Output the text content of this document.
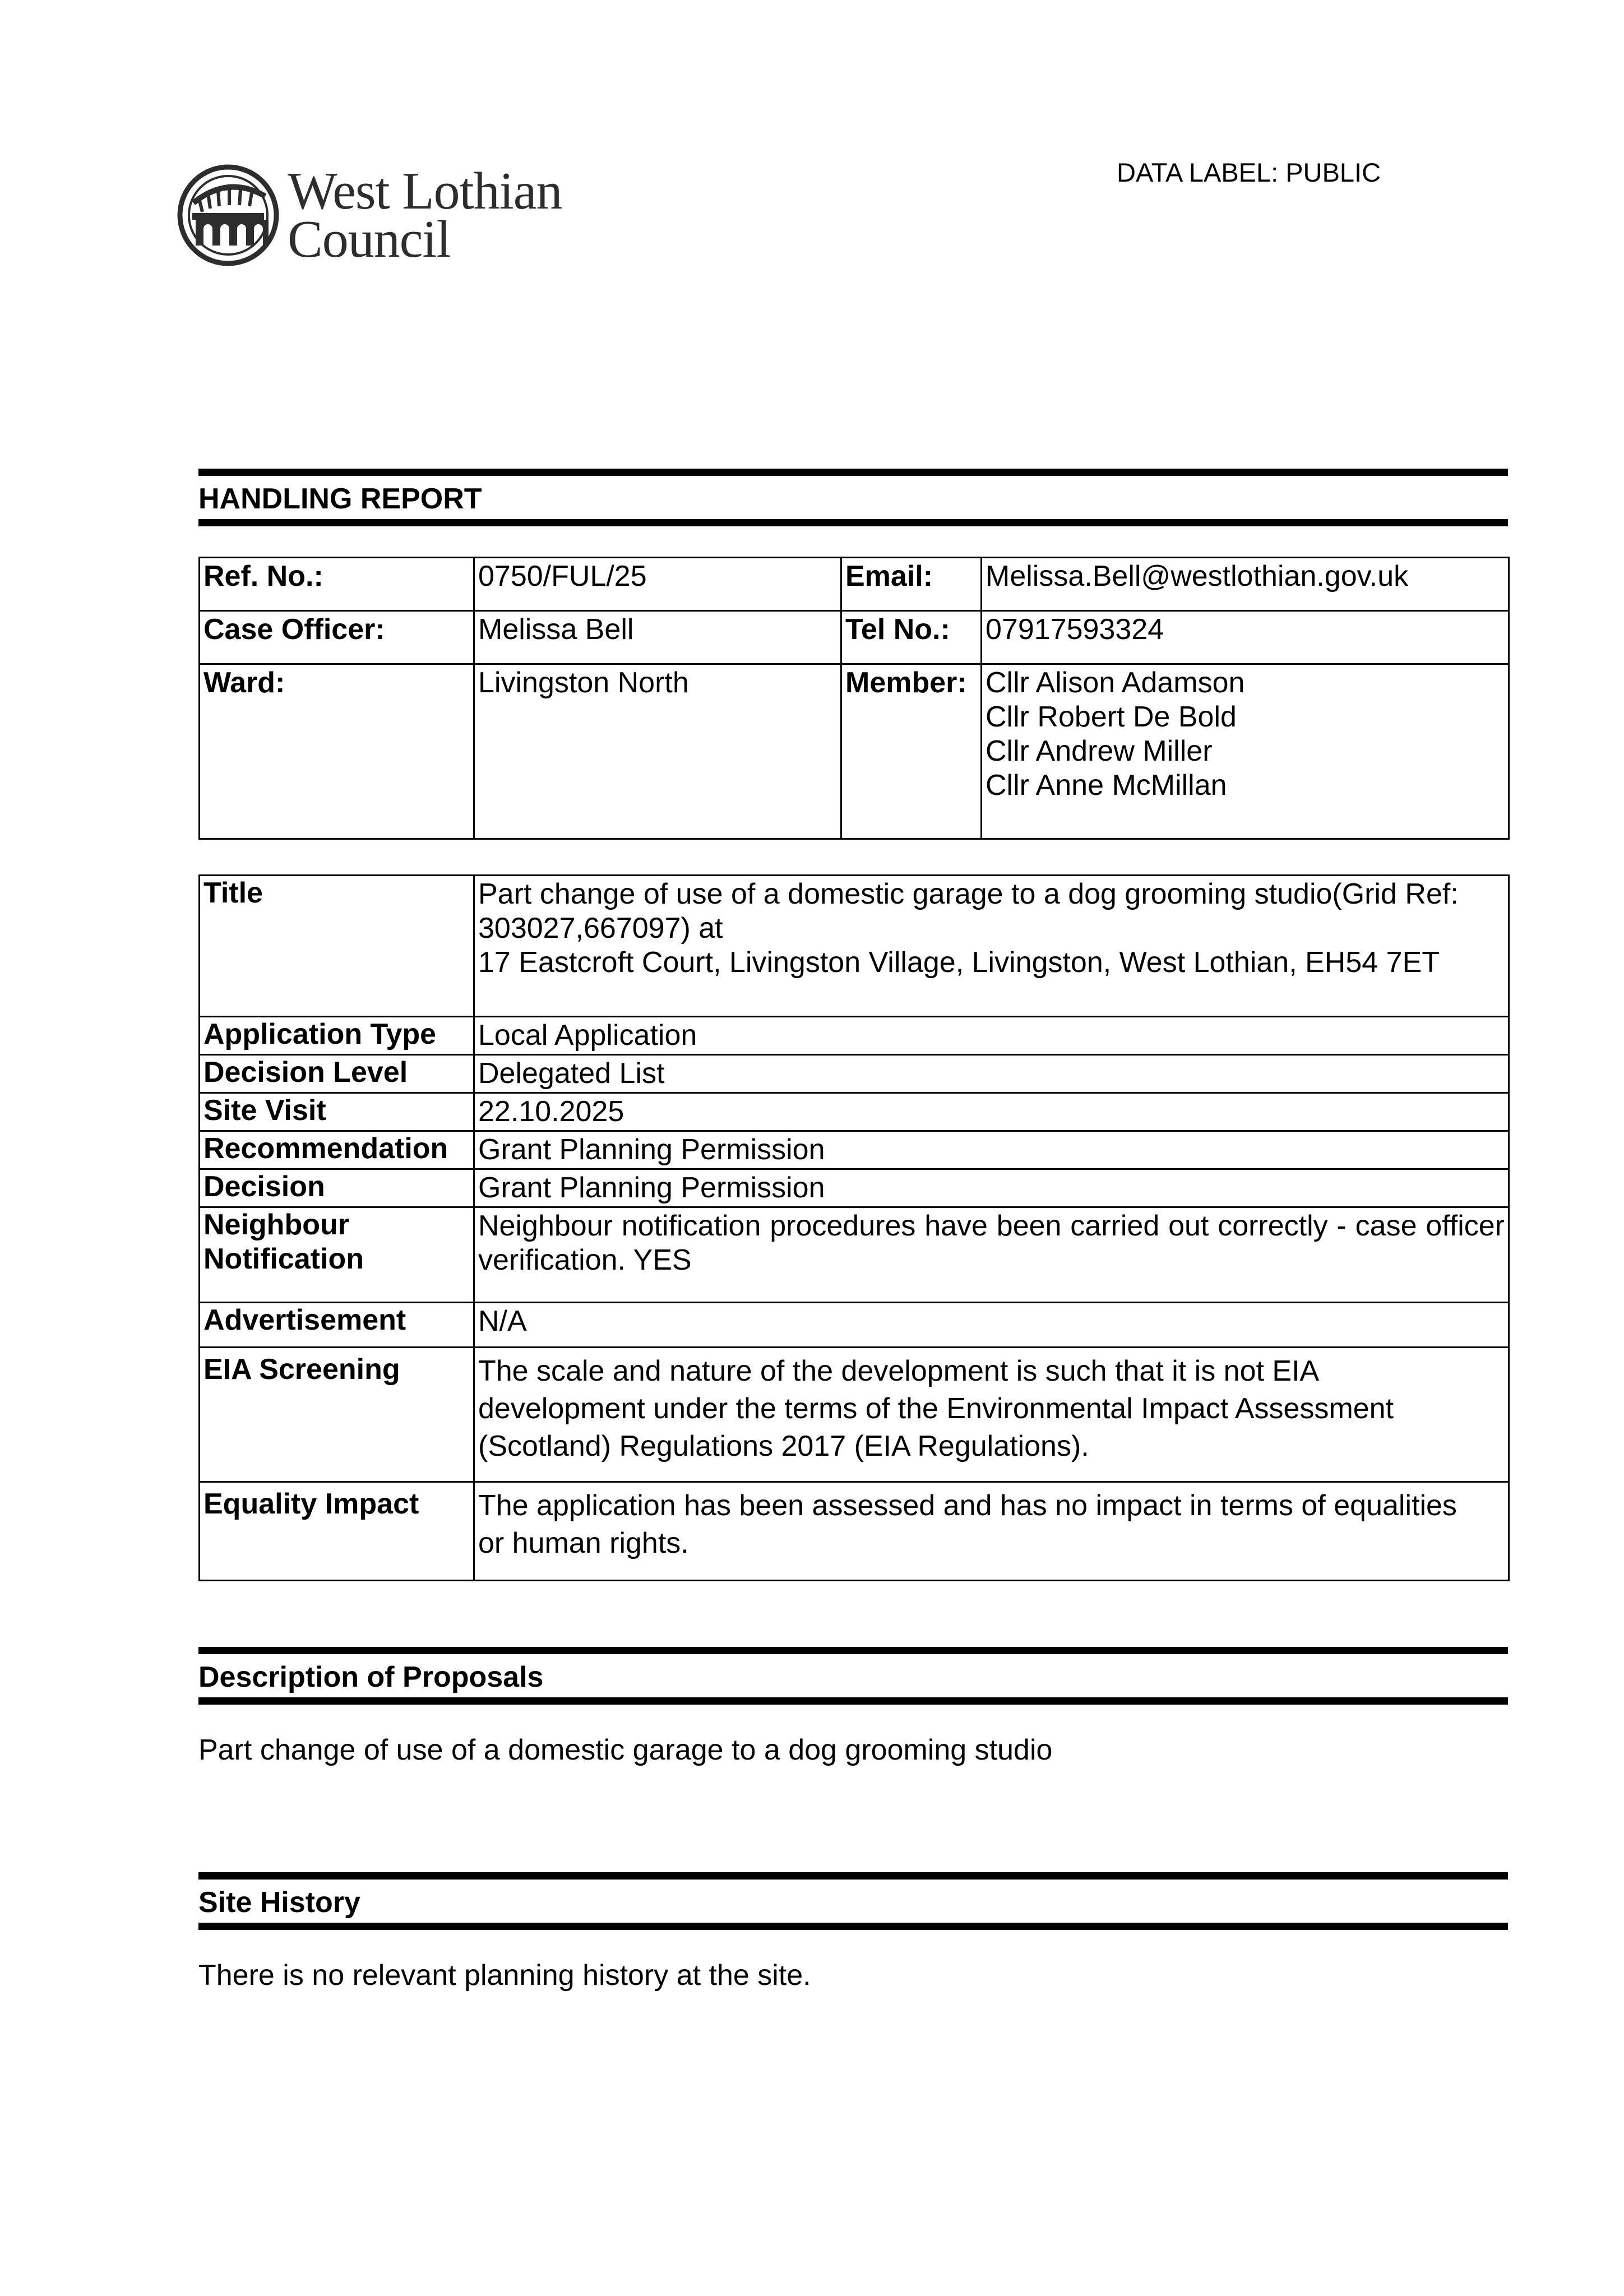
West Lothian
Council
DATA LABEL: PUBLIC
HANDLING REPORT
Ref. No.:	0750/FUL/25	Email:	Melissa.Bell@westlothian.gov.uk
Case Officer:	Melissa Bell	Tel No.:	07917593324
Ward:	Livingston North	Member:	Cllr Alison Adamson
Cllr Robert De Bold
Cllr Andrew Miller
Cllr Anne McMillan
Title	Part change of use of a domestic garage to a dog grooming studio(Grid Ref:
303027,667097) at
17 Eastcroft Court, Livingston Village, Livingston, West Lothian, EH54 7ET

Application Type	Local Application
Decision Level	Delegated List
Site Visit	22.10.2025
Recommendation	Grant Planning Permission
Decision	Grant Planning Permission

Neighbour
Notification	Neighbour notification procedures have been carried out correctly - case officer verification. YES
Advertisement	N/A
EIA Screening	The scale and nature of the development is such that it is not EIA
development under the terms of the Environmental Impact Assessment
(Scotland) Regulations 2017 (EIA Regulations).

Equality Impact	The application has been assessed and has no impact in terms of equalities
or human rights.
Description of Proposals
Part change of use of a domestic garage to a dog grooming studio
Site History
There is no relevant planning history at the site.
